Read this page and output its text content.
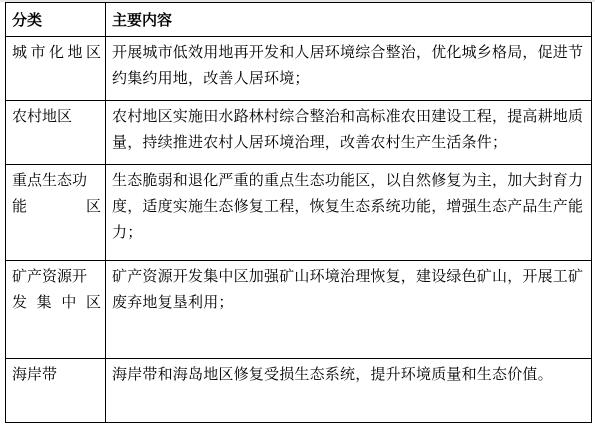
分类	主要内容
城市化地区	开展城市低效用地再开发和人居环境综合整治，优化城乡格局，促进节约集约用地，改善人居环境；
农村地区	农村地区实施田水路林村综合整治和高标准农田建设工程，提高耕地质量，持续推进农村人居环境治理，改善农村生产生活条件；
重点生态功能区	生态脆弱和退化严重的重点生态功能区，以自然修复为主，加大封育力度，适度实施生态修复工程，恢复生态系统功能，增强生态产品生产能力；
矿产资源开发集中区	矿产资源开发集中区加强矿山环境治理恢复，建设绿色矿山，开展工矿废弃地复垦利用；
海岸带	海岸带和海岛地区修复受损生态系统，提升环境质量和生态价值。
